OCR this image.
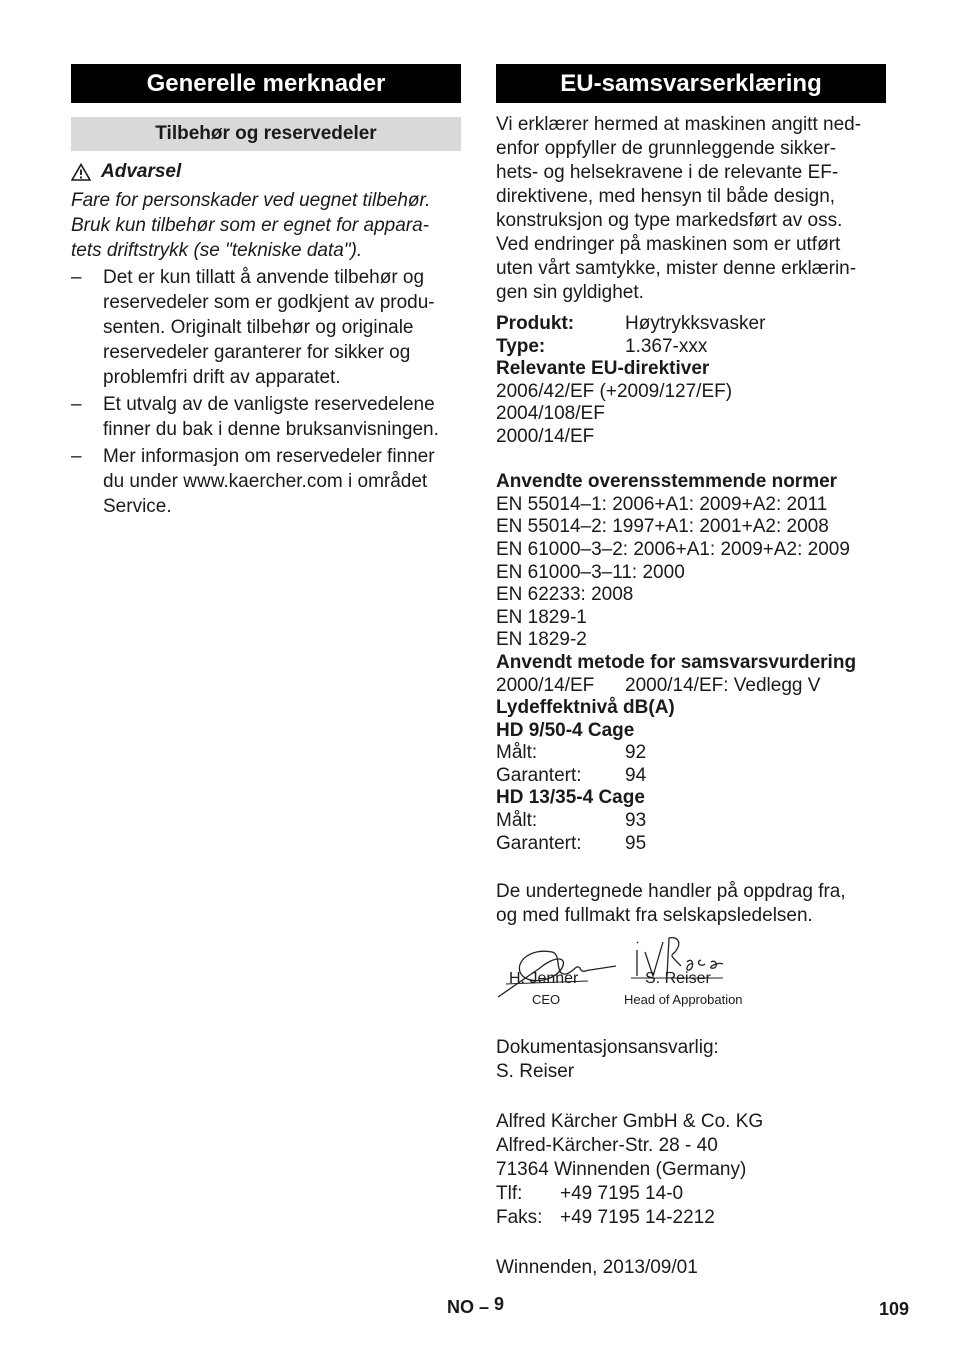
Generelle merknader
Tilbehør og reservedeler
Advarsel
Fare for personskader ved uegnet tilbehør.
Bruk kun tilbehør som er egnet for appara-
tets driftstrykk (se "tekniske data").
– Det er kun tillatt å anvende tilbehør og
reservedeler som er godkjent av produ-
senten. Originalt tilbehør og originale
reservedeler garanterer for sikker og
problemfri drift av apparatet.
– Et utvalg av de vanligste reservedelene
finner du bak i denne bruksanvisningen.
– Mer informasjon om reservedeler finner
du under www.kaercher.com i området
Service.
EU-samsvarserklæring
Vi erklærer hermed at maskinen angitt ned-
enfor oppfyller de grunnleggende sikker-
hets- og helsekravene i de relevante EF-
direktivene, med hensyn til både design,
konstruksjon og type markedsført av oss.
Ved endringer på maskinen som er utført
uten vårt samtykke, mister denne erklærin-
gen sin gyldighet.
Produkt:	Høytrykksvasker
Type:	1.367-xxx
Relevante EU-direktiver
2006/42/EF (+2009/127/EF)
2004/108/EF
2000/14/EF
Anvendte overensstemmende normer
EN 55014–1: 2006+A1: 2009+A2: 2011
EN 55014–2: 1997+A1: 2001+A2: 2008
EN 61000–3–2: 2006+A1: 2009+A2: 2009
EN 61000–3–11: 2000
EN 62233: 2008
EN 1829-1
EN 1829-2
Anvendt metode for samsvarsvurdering
2000/14/EF	2000/14/EF: Vedlegg V
Lydeffektnivå dB(A)
HD 9/50-4 Cage
Målt:	92
Garantert:	94
HD 13/35-4 Cage
Målt:	93
Garantert:	95
De undertegnede handler på oppdrag fra,
og med fullmakt fra selskapsledelsen.
H. Jenner
CEO
S. Reiser
Head of Approbation
Dokumentasjonsansvarlig:
S. Reiser
Alfred Kärcher GmbH & Co. KG
Alfred-Kärcher-Str. 28 - 40
71364 Winnenden (Germany)
Tlf:	+49 7195 14-0
Faks: +49 7195 14-2212
Winnenden, 2013/09/01
NO – 9	109
